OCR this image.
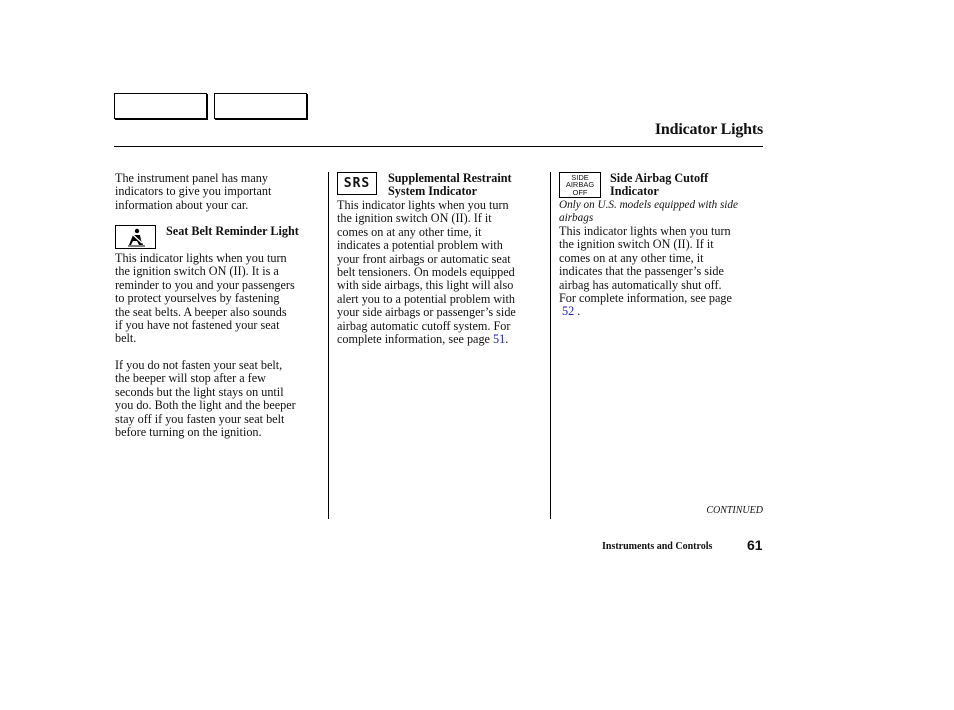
Indicator Lights

The instrument panel has many
indicators to give you important
information about your car.

Seat Belt Reminder Light

This indicator lights when you turn
the ignition switch ON (II). It is a
reminder to you and your passengers
to protect yourselves by fastening
the seat belts. A beeper also sounds
if you have not fastened your seat
belt.

If you do not fasten your seat belt,
the beeper will stop after a few
seconds but the light stays on until
you do. Both the light and the beeper
stay off if you fasten your seat belt
before turning on the ignition.

SRS Supplemental Restraint
System Indicator

This indicator lights when you turn
the ignition switch ON (II). If it
comes on at any other time, it
indicates a potential problem with
your front airbags or automatic seat
belt tensioners. On models equipped
with side airbags, this light will also
alert you to a potential problem with
your side airbags or passenger’s side
airbag automatic cutoff system. For
complete information, see page 51.

SIDE
AIRBAG
OFF
Side Airbag Cutoff
Indicator
Only on U.S. models equipped with side
airbags

This indicator lights when you turn
the ignition switch ON (II). If it
comes on at any other time, it
indicates that the passenger’s side
airbag has automatically shut off.
For complete information, see page
52 .

CONTINUED
Instruments and Controls 61
